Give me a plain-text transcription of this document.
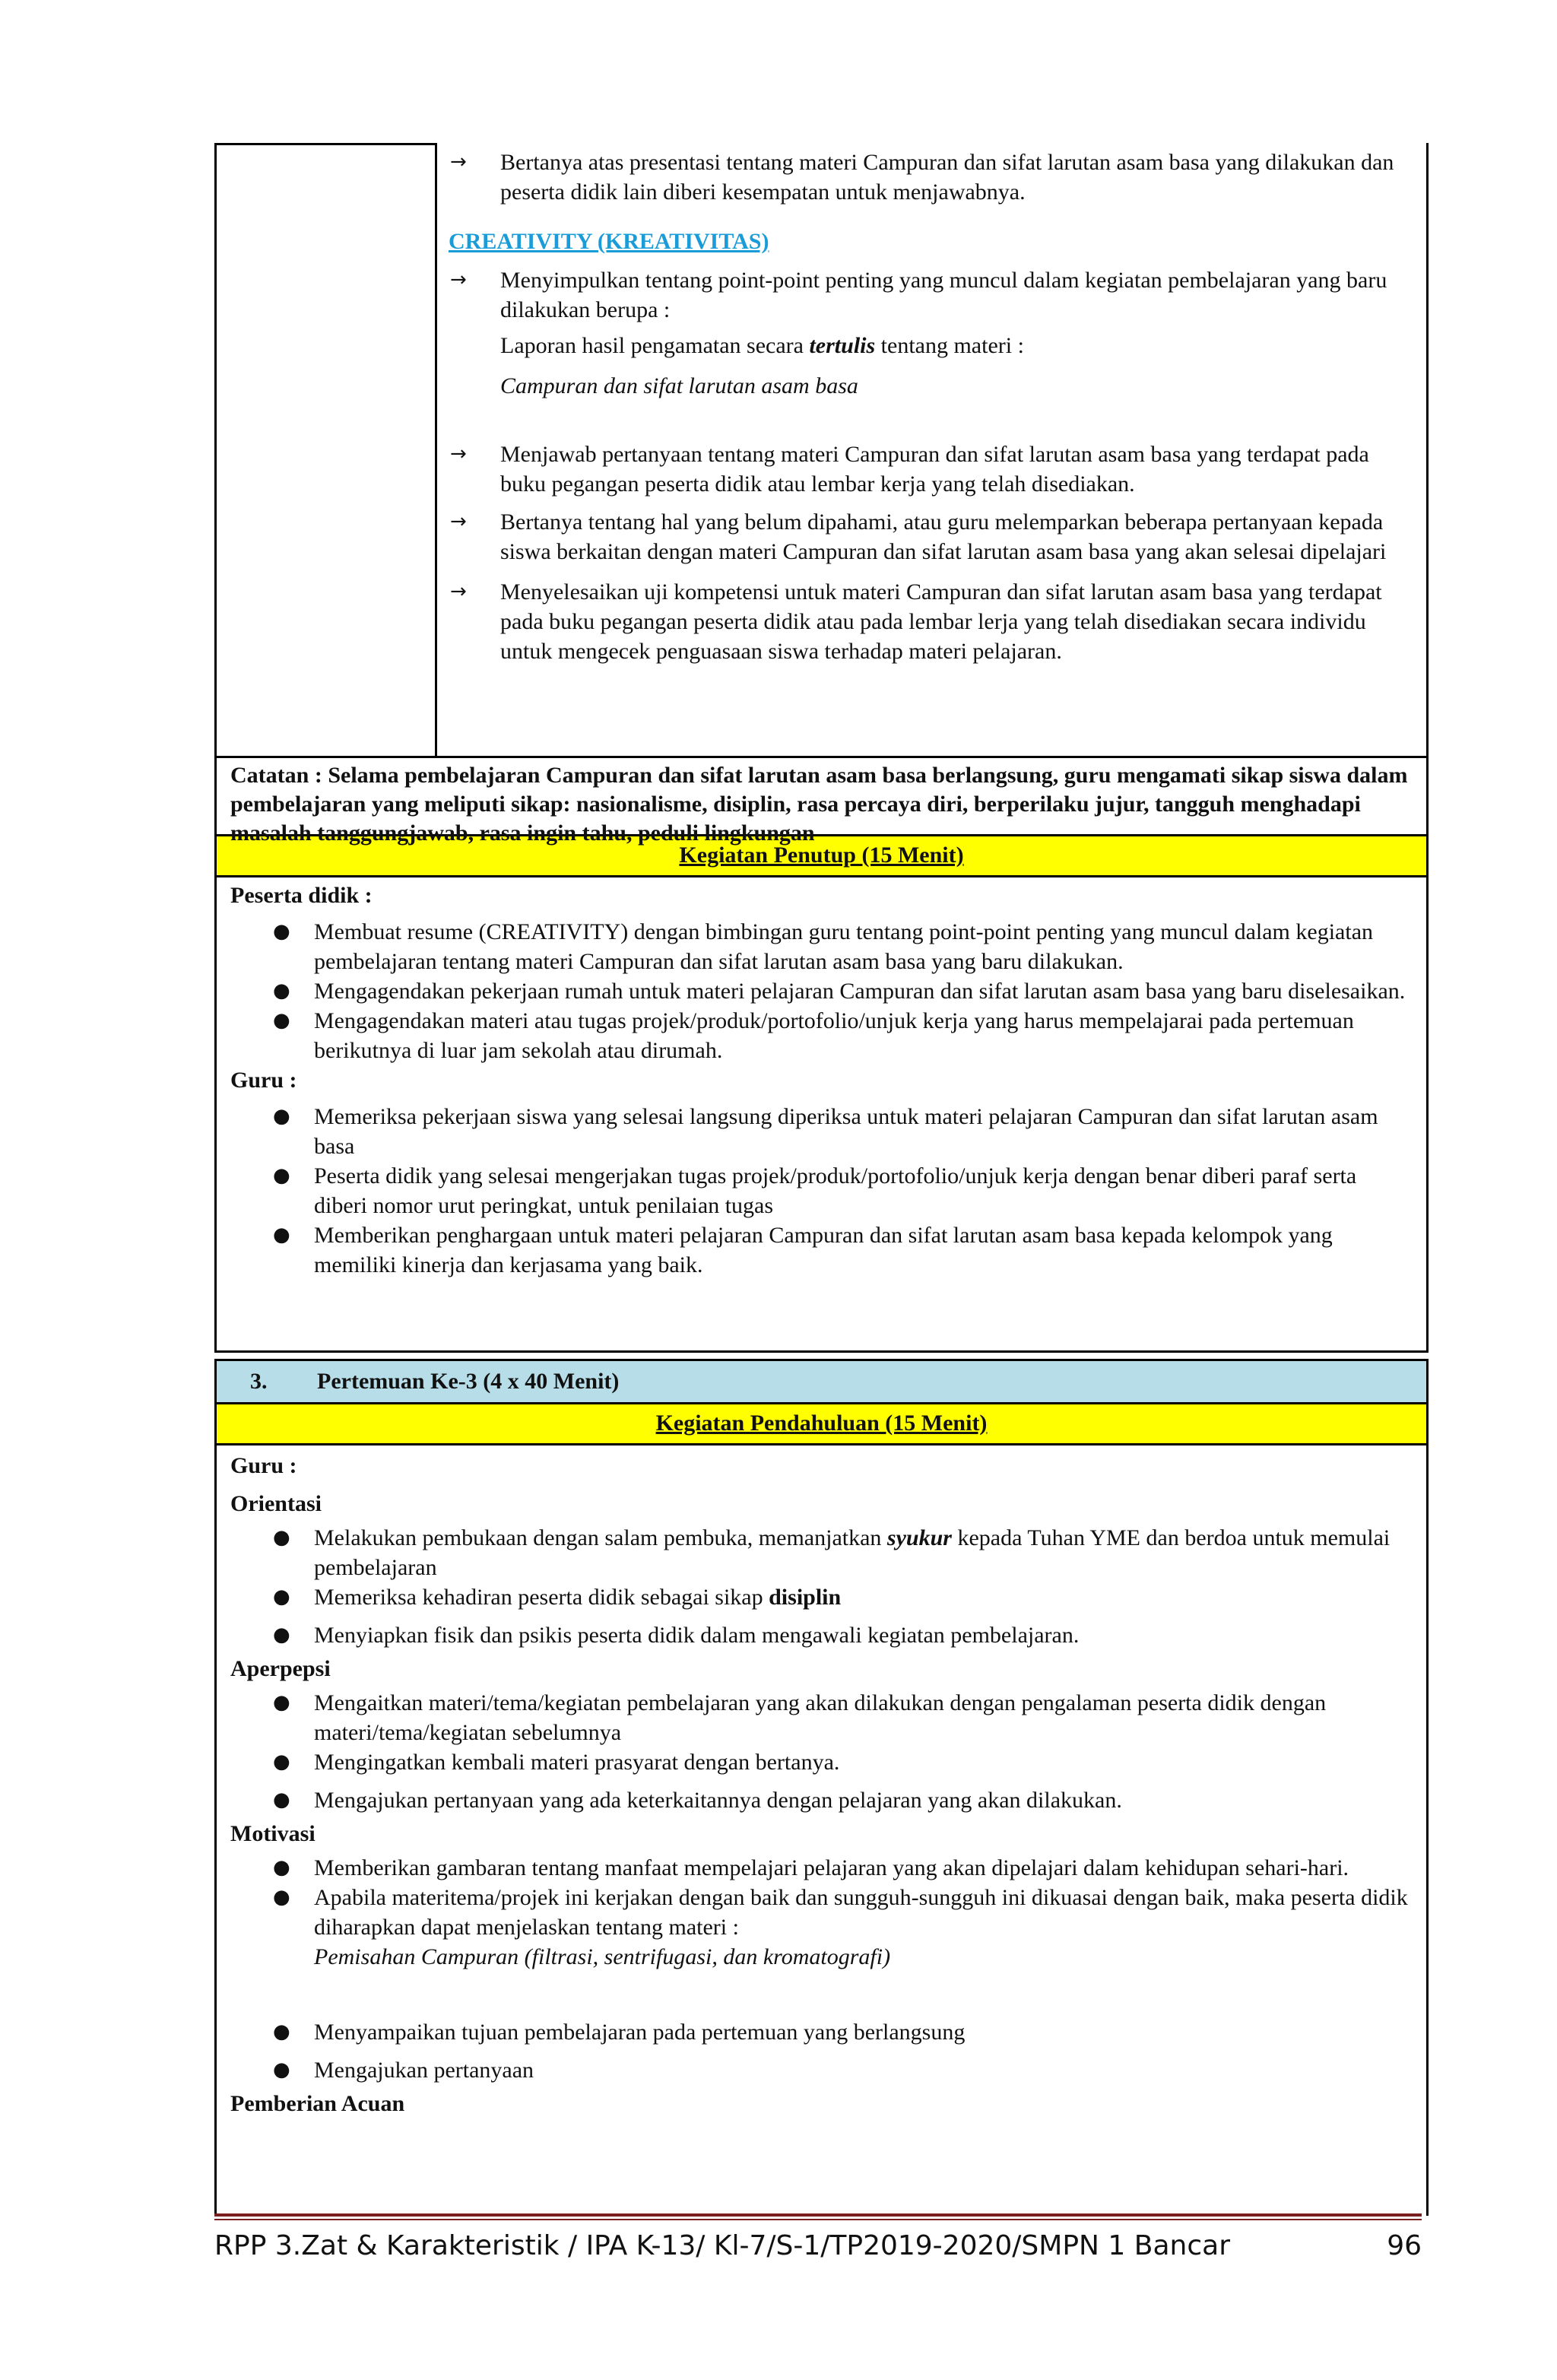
→ Bertanya atas presentasi tentang materi Campuran dan sifat larutan asam basa yang dilakukan dan peserta didik lain diberi kesempatan untuk menjawabnya.
CREATIVITY (KREATIVITAS)
→ Menyimpulkan tentang point-point penting yang muncul dalam kegiatan pembelajaran yang baru dilakukan berupa :
Laporan hasil pengamatan secara tertulis tentang materi :
Campuran dan sifat larutan asam basa
→ Menjawab pertanyaan tentang materi Campuran dan sifat larutan asam basa yang terdapat pada buku pegangan peserta didik atau lembar kerja yang telah disediakan.
→ Bertanya tentang hal yang belum dipahami, atau guru melemparkan beberapa pertanyaan kepada siswa berkaitan dengan materi Campuran dan sifat larutan asam basa yang akan selesai dipelajari
→ Menyelesaikan uji kompetensi untuk materi Campuran dan sifat larutan asam basa yang terdapat pada buku pegangan peserta didik atau pada lembar lerja yang telah disediakan secara individu untuk mengecek penguasaan siswa terhadap materi pelajaran.
Catatan : Selama pembelajaran Campuran dan sifat larutan asam basa berlangsung, guru mengamati sikap siswa dalam pembelajaran yang meliputi sikap: nasionalisme, disiplin, rasa percaya diri, berperilaku jujur, tangguh menghadapi masalah tanggungjawab, rasa ingin tahu, peduli lingkungan
Kegiatan Penutup (15 Menit)
Peserta didik :
● Membuat resume (CREATIVITY) dengan bimbingan guru tentang point-point penting yang muncul dalam kegiatan pembelajaran tentang materi Campuran dan sifat larutan asam basa yang baru dilakukan.
● Mengagendakan pekerjaan rumah untuk materi pelajaran Campuran dan sifat larutan asam basa yang baru diselesaikan.
● Mengagendakan materi atau tugas projek/produk/portofolio/unjuk kerja yang harus mempelajarai pada pertemuan berikutnya di luar jam sekolah atau dirumah.
Guru :
● Memeriksa pekerjaan siswa yang selesai langsung diperiksa untuk materi pelajaran Campuran dan sifat larutan asam basa
● Peserta didik yang selesai mengerjakan tugas projek/produk/portofolio/unjuk kerja dengan benar diberi paraf serta diberi nomor urut peringkat, untuk penilaian tugas
● Memberikan penghargaan untuk materi pelajaran Campuran dan sifat larutan asam basa kepada kelompok yang memiliki kinerja dan kerjasama yang baik.
3. Pertemuan Ke-3 (4 x 40 Menit)
Kegiatan Pendahuluan (15 Menit)
Guru :
Orientasi
● Melakukan pembukaan dengan salam pembuka, memanjatkan syukur kepada Tuhan YME dan berdoa untuk memulai pembelajaran
● Memeriksa kehadiran peserta didik sebagai sikap disiplin
● Menyiapkan fisik dan psikis peserta didik dalam mengawali kegiatan pembelajaran.
Aperpepsi
● Mengaitkan materi/tema/kegiatan pembelajaran yang akan dilakukan dengan pengalaman peserta didik dengan materi/tema/kegiatan sebelumnya
● Mengingatkan kembali materi prasyarat dengan bertanya.
● Mengajukan pertanyaan yang ada keterkaitannya dengan pelajaran yang akan dilakukan.
Motivasi
● Memberikan gambaran tentang manfaat mempelajari pelajaran yang akan dipelajari dalam kehidupan sehari-hari.
● Apabila materitema/projek ini kerjakan dengan baik dan sungguh-sungguh ini dikuasai dengan baik, maka peserta didik diharapkan dapat menjelaskan tentang materi :
Pemisahan Campuran (filtrasi, sentrifugasi, dan kromatografi)
● Menyampaikan tujuan pembelajaran pada pertemuan yang berlangsung
● Mengajukan pertanyaan
Pemberian Acuan
RPP 3.Zat & Karakteristik / IPA K-13/ Kl-7/S-1/TP2019-2020/SMPN 1 Bancar	96
